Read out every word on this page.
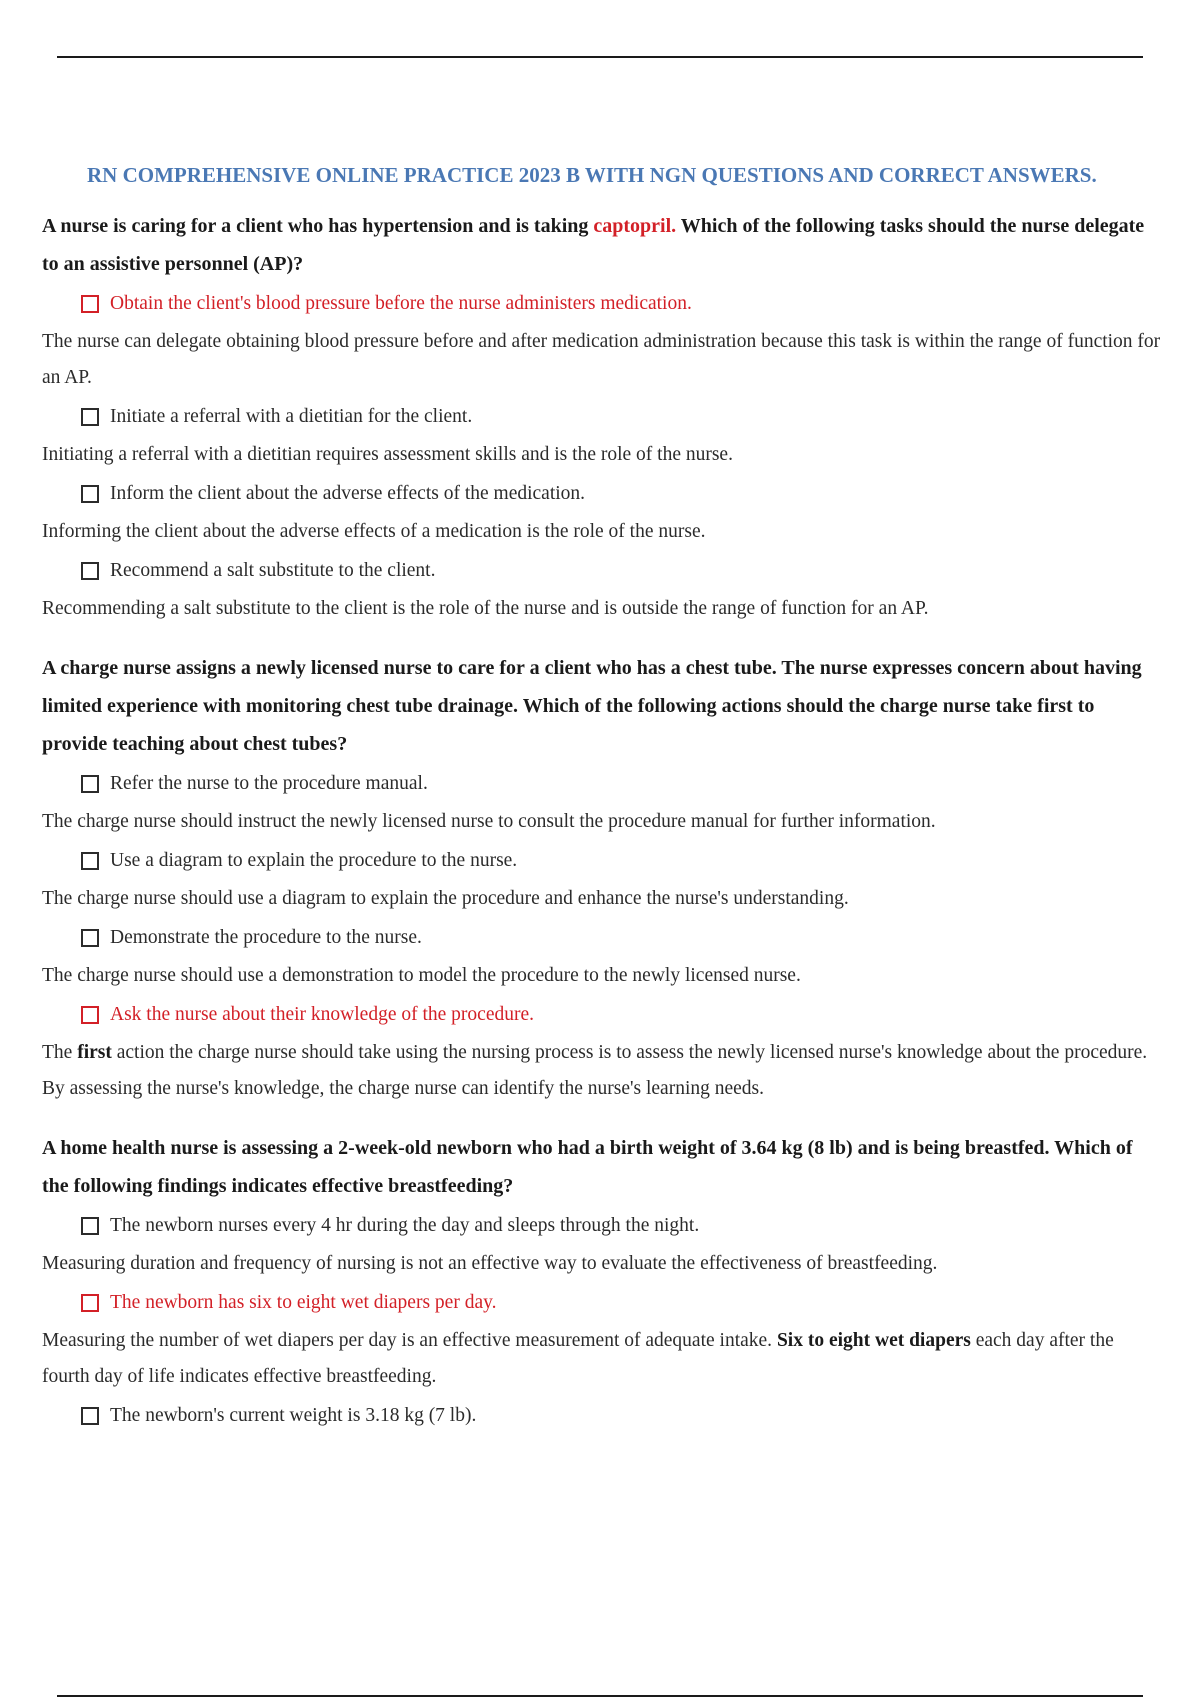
RN COMPREHENSIVE ONLINE PRACTICE 2023 B WITH NGN QUESTIONS AND CORRECT ANSWERS.

A nurse is caring for a client who has hypertension and is taking captopril. Which of the following tasks should the nurse delegate to an assistive personnel (AP)?

Obtain the client's blood pressure before the nurse administers medication.

The nurse can delegate obtaining blood pressure before and after medication administration because this task is within the range of function for an AP.

Initiate a referral with a dietitian for the client.

Initiating a referral with a dietitian requires assessment skills and is the role of the nurse.

Inform the client about the adverse effects of the medication.

Informing the client about the adverse effects of a medication is the role of the nurse.

Recommend a salt substitute to the client.

Recommending a salt substitute to the client is the role of the nurse and is outside the range of function for an AP.

A charge nurse assigns a newly licensed nurse to care for a client who has a chest tube. The nurse expresses concern about having limited experience with monitoring chest tube drainage. Which of the following actions should the charge nurse take first to provide teaching about chest tubes?

Refer the nurse to the procedure manual.

The charge nurse should instruct the newly licensed nurse to consult the procedure manual for further information.

Use a diagram to explain the procedure to the nurse.

The charge nurse should use a diagram to explain the procedure and enhance the nurse's understanding.

Demonstrate the procedure to the nurse.

The charge nurse should use a demonstration to model the procedure to the newly licensed nurse.

Ask the nurse about their knowledge of the procedure.

The first action the charge nurse should take using the nursing process is to assess the newly licensed nurse's knowledge about the procedure. By assessing the nurse's knowledge, the charge nurse can identify the nurse's learning needs.

A home health nurse is assessing a 2-week-old newborn who had a birth weight of 3.64 kg (8 lb) and is being breastfed. Which of the following findings indicates effective breastfeeding?

The newborn nurses every 4 hr during the day and sleeps through the night.

Measuring duration and frequency of nursing is not an effective way to evaluate the effectiveness of breastfeeding.

The newborn has six to eight wet diapers per day.

Measuring the number of wet diapers per day is an effective measurement of adequate intake. Six to eight wet diapers each day after the fourth day of life indicates effective breastfeeding.

The newborn's current weight is 3.18 kg (7 lb).
